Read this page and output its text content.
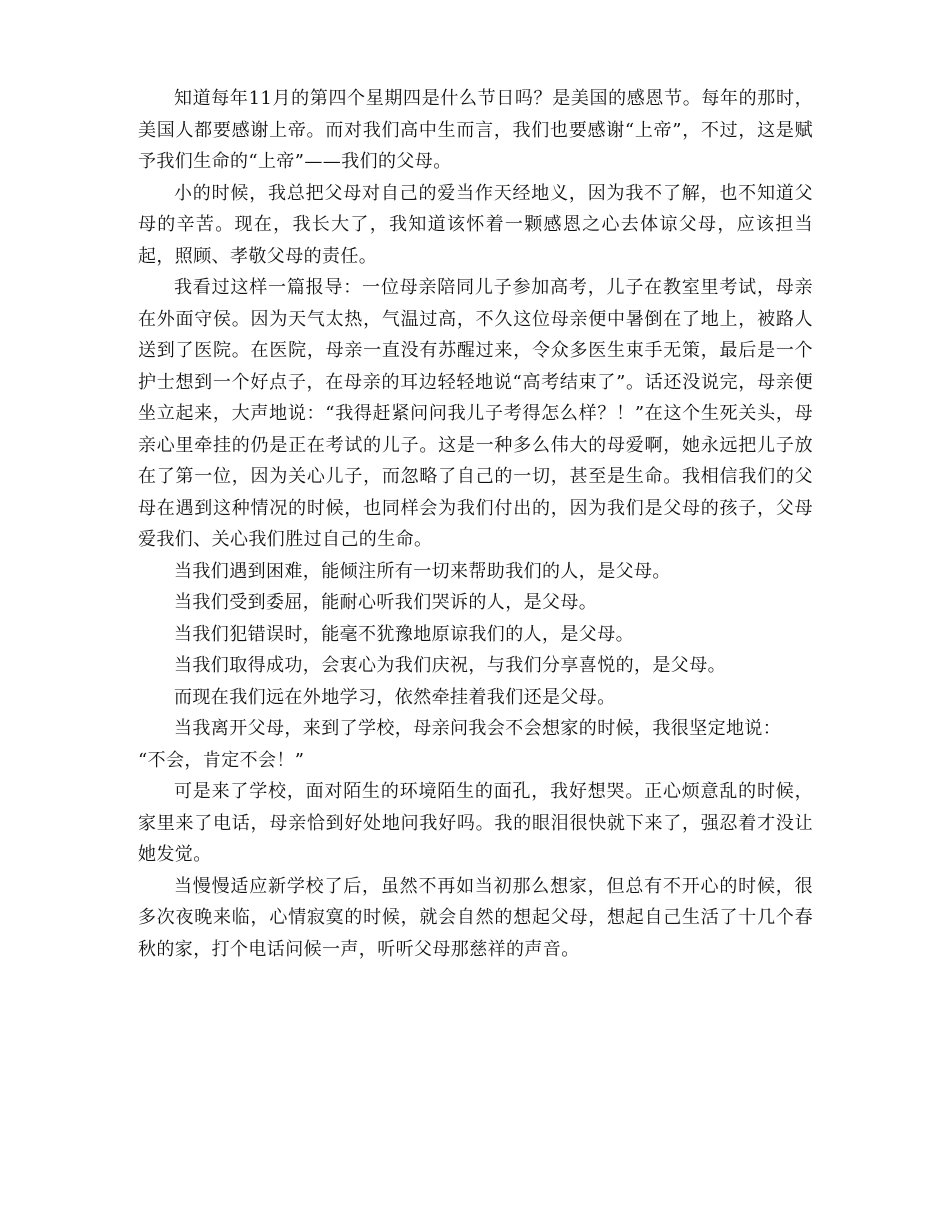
知道每年11月的第四个星期四是什么节日吗？是美国的感恩节。每年的那时，美国人都要感谢上帝。而对我们高中生而言，我们也要感谢“上帝”，不过，这是赋予我们生命的“上帝”——我们的父母。

小的时候，我总把父母对自己的爱当作天经地义，因为我不了解，也不知道父母的辛苦。现在，我长大了，我知道该怀着一颗感恩之心去体谅父母，应该担当起，照顾、孝敬父母的责任。

我看过这样一篇报导：一位母亲陪同儿子参加高考，儿子在教室里考试，母亲在外面守侯。因为天气太热，气温过高，不久这位母亲便中暑倒在了地上，被路人送到了医院。在医院，母亲一直没有苏醒过来，令众多医生束手无策，最后是一个护士想到一个好点子，在母亲的耳边轻轻地说“高考结束了”。话还没说完，母亲便坐立起来，大声地说：“我得赶紧问问我儿子考得怎么样？！”在这个生死关头，母亲心里牵挂的仍是正在考试的儿子。这是一种多么伟大的母爱啊，她永远把儿子放在了第一位，因为关心儿子，而忽略了自己的一切，甚至是生命。我相信我们的父母在遇到这种情况的时候，也同样会为我们付出的，因为我们是父母的孩子，父母爱我们、关心我们胜过自己的生命。

当我们遇到困难，能倾注所有一切来帮助我们的人，是父母。

当我们受到委屈，能耐心听我们哭诉的人，是父母。

当我们犯错误时，能毫不犹豫地原谅我们的人，是父母。

当我们取得成功，会衷心为我们庆祝，与我们分享喜悦的，是父母。

而现在我们远在外地学习，依然牵挂着我们还是父母。

当我离开父母，来到了学校，母亲问我会不会想家的时候，我很坚定地说：

“不会，肯定不会！”

可是来了学校，面对陌生的环境陌生的面孔，我好想哭。正心烦意乱的时候，家里来了电话，母亲恰到好处地问我好吗。我的眼泪很快就下来了，强忍着才没让她发觉。

当慢慢适应新学校了后，虽然不再如当初那么想家，但总有不开心的时候，很多次夜晚来临，心情寂寞的时候，就会自然的想起父母，想起自己生活了十几个春秋的家，打个电话问候一声，听听父母那慈祥的声音。
